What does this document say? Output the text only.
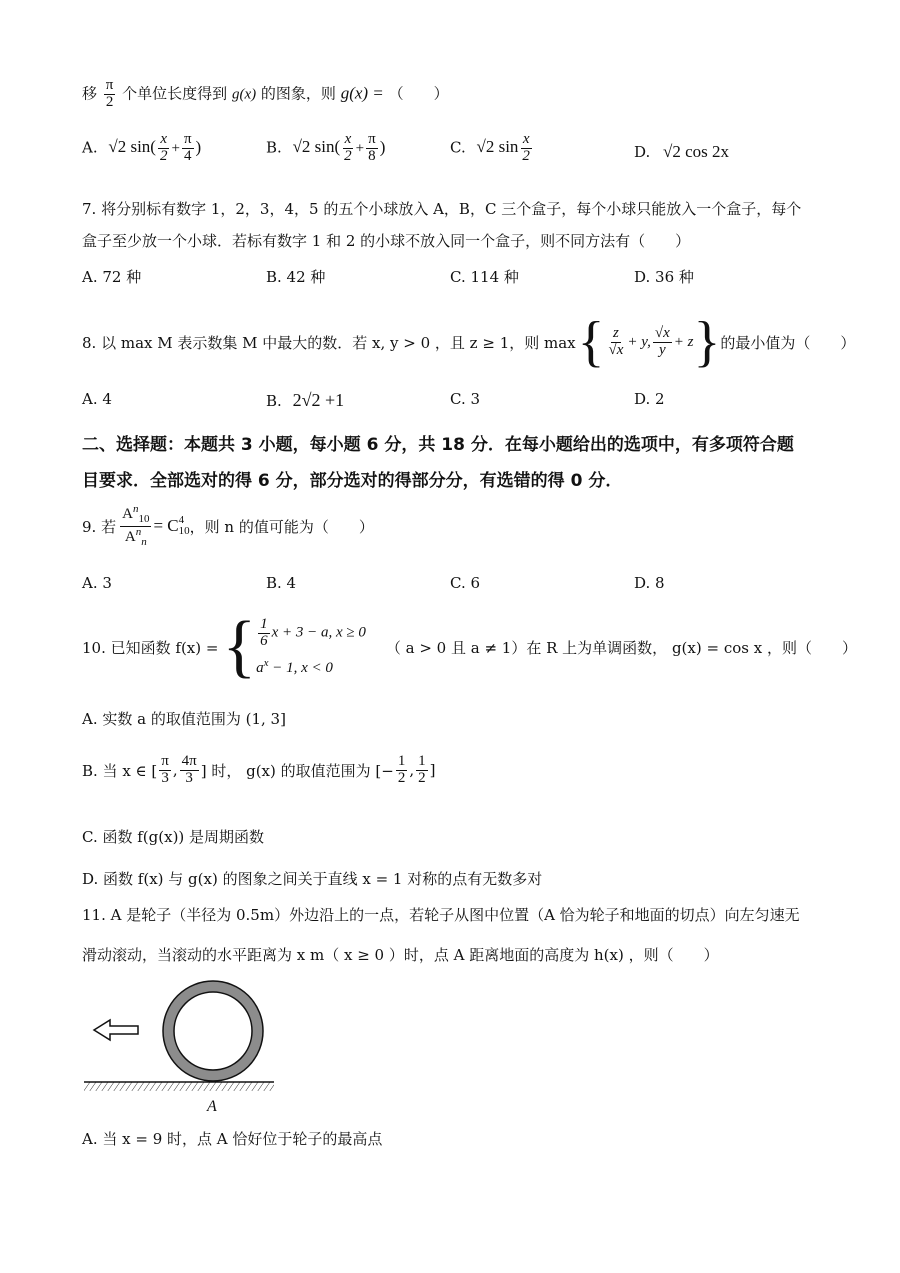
移 $\frac{\pi}{2}$ 个单位长度得到 g(x) 的图象，则 g(x) = （　　）
A. √2 $\sin( \frac{x}{2} + \frac{\pi}{4}$ )	B. √2 $\sin( \frac{x}{2} + \frac{\pi}{8}$ )	C. √2 $\sin \frac{x}{2}$	D. √2 cos 2x
7. 将分别标有数字 1，2，3，4，5 的五个小球放入 A，B，C 三个盒子，每个小球只能放入一个盒子，每个
盒子至少放一个小球．若标有数字 1 和 2 的小球不放入同一个盒子，则不同方法有（　　）
A. 72 种	B. 42 种	C. 114 种	D. 36 种
8. 以 max M 表示数集 M 中最大的数．若 x, y > 0 ，且 z ≥ 1，则 max { $\frac{z}{√x} + y$, $\frac{√x}{y} + z$ } 的最小值为（　　）
A. 4	B. 2√2 +1	C. 3	D. 2
二、选择题：本题共 3 小题，每小题 6 分，共 18 分．在每小题给出的选项中，有多项符合题
目要求．全部选对的得 6 分，部分选对的得部分分，有选错的得 0 分．
9. 若 $\frac{A^n_{10}}{A^n_n} = C$ 4
10 ，则 n 的值可能为（　　）
A. 3	B. 4	C. 6	D. 8
10. 已知函数 f(x) = { $\frac{1}{6}$ x + 3 − a, x ≥ 0
$a^x - 1$, x < 0
（ a > 0 且 a ≠ 1）在 R 上为单调函数， g(x) = cos x ，则（　　）
A. 实数 a 的取值范围为 (1, 3]
B. 当 x ∈ [ $\frac{\pi}{3}$ , $\frac{4\pi}{3}$ ] 时， g(x) 的取值范围为 [− $\frac{1}{2}$ , $\frac{1}{2}$ ]
C. 函数 f(g(x)) 是周期函数
D. 函数 f(x) 与 g(x) 的图象之间关于直线 x = 1 对称的点有无数多对
11. A 是轮子（半径为 0.5m）外边沿上的一点，若轮子从图中位置（A 恰为轮子和地面的切点）向左匀速无
滑动滚动，当滚动的水平距离为 x m（ x ≥ 0 ）时，点 A 距离地面的高度为 h(x) ，则（　　）
A
A. 当 x = 9 时，点 A 恰好位于轮子的最高点
